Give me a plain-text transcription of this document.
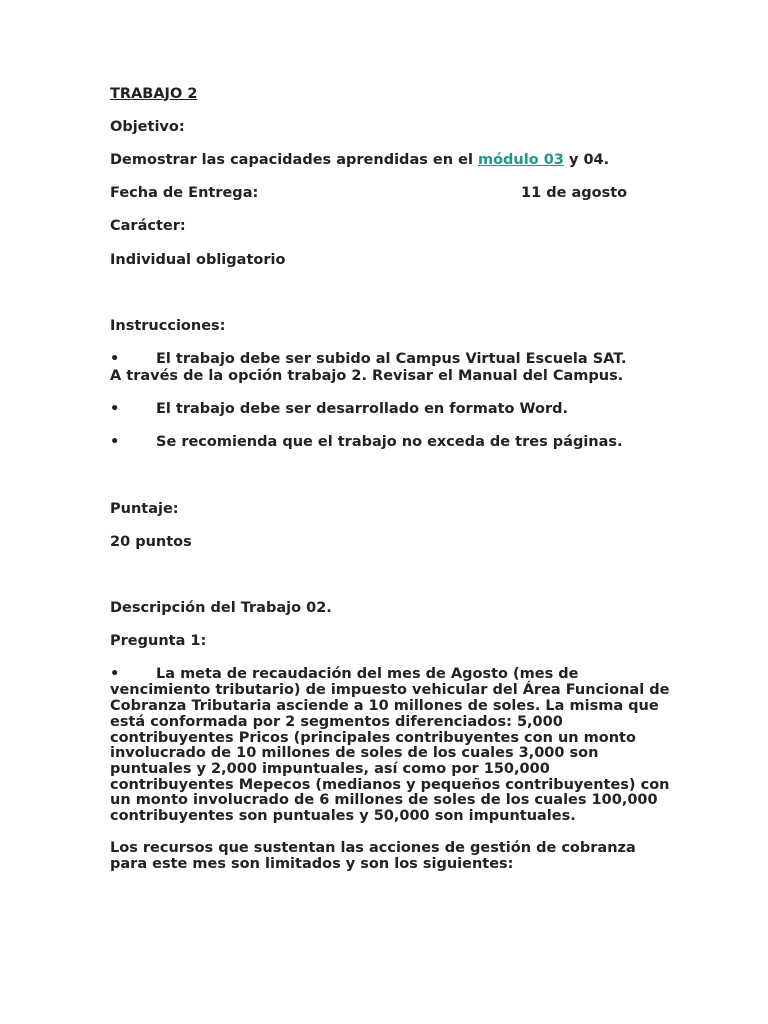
TRABAJO 2
Objetivo:
Demostrar las capacidades aprendidas en el módulo 03 y 04.
Fecha de Entrega:	11 de agosto
Carácter:
Individual obligatorio
Instrucciones:
•	El trabajo debe ser subido al Campus Virtual Escuela SAT.
A través de la opción trabajo 2. Revisar el Manual del Campus.
•	El trabajo debe ser desarrollado en formato Word.
•	Se recomienda que el trabajo no exceda de tres páginas.
Puntaje:
20 puntos
Descripción del Trabajo 02.
Pregunta 1:
•	La meta de recaudación del mes de Agosto (mes de
vencimiento tributario) de impuesto vehicular del Área Funcional de
Cobranza Tributaria asciende a 10 millones de soles. La misma que
está conformada por 2 segmentos diferenciados: 5,000
contribuyentes Pricos (principales contribuyentes con un monto
involucrado de 10 millones de soles de los cuales 3,000 son
puntuales y 2,000 impuntuales, así como por 150,000
contribuyentes Mepecos (medianos y pequeños contribuyentes) con
un monto involucrado de 6 millones de soles de los cuales 100,000
contribuyentes son puntuales y 50,000 son impuntuales.
Los recursos que sustentan las acciones de gestión de cobranza
para este mes son limitados y son los siguientes:
